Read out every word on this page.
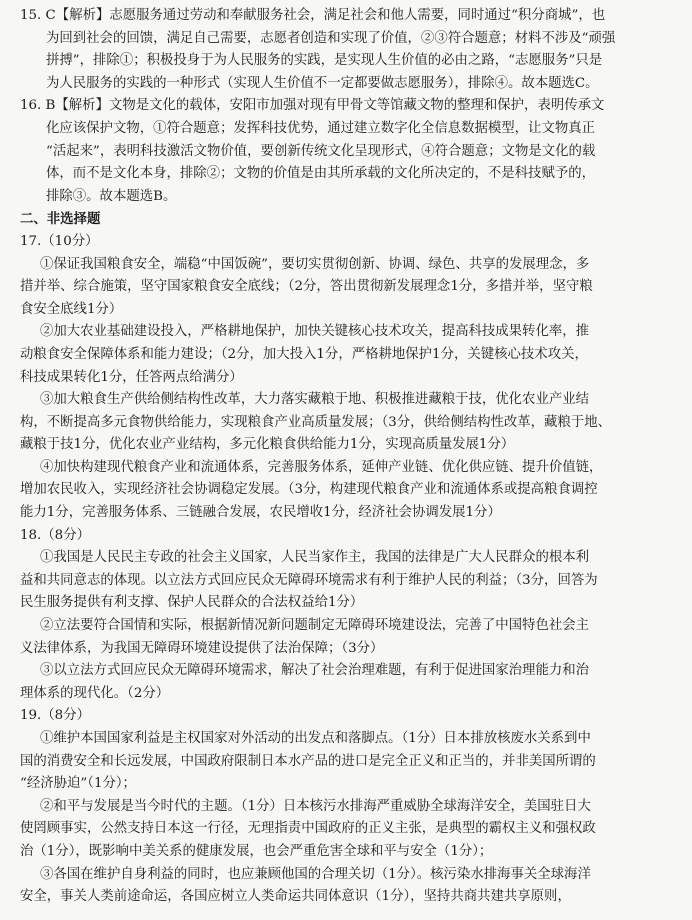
15. C【解析】志愿服务通过劳动和奉献服务社会，满足社会和他人需要，同时通过“积分商城”，也
为回到社会的回馈，满足自己需要，志愿者创造和实现了价值，②③符合题意；材料不涉及“顽强
拼搏”，排除①；积极投身于为人民服务的实践，是实现人生价值的必由之路，“志愿服务”只是
为人民服务的实践的一种形式（实现人生价值不一定都要做志愿服务），排除④。故本题选C。
16. B【解析】文物是文化的载体，安阳市加强对现有甲骨文等馆藏文物的整理和保护，表明传承文
化应该保护文物，①符合题意；发挥科技优势，通过建立数字化全信息数据模型，让文物真正
“活起来”，表明科技激活文物价值，要创新传统文化呈现形式，④符合题意；文物是文化的载
体，而不是文化本身，排除②；文物的价值是由其所承载的文化所决定的，不是科技赋予的，
排除③。故本题选B。
二、非选择题
17.（10分）
①保证我国粮食安全，端稳“中国饭碗”，要切实贯彻创新、协调、绿色、共享的发展理念，多
措并举、综合施策，坚守国家粮食安全底线；（2分，答出贯彻新发展理念1分，多措并举，坚守粮
食安全底线1分）
②加大农业基础建设投入，严格耕地保护，加快关键核心技术攻关，提高科技成果转化率，推
动粮食安全保障体系和能力建设；（2分，加大投入1分，严格耕地保护1分，关键核心技术攻关，
科技成果转化1分，任答两点给满分）
③加大粮食生产供给侧结构性改革，大力落实藏粮于地、积极推进藏粮于技，优化农业产业结
构，不断提高多元食物供给能力，实现粮食产业高质量发展；（3分，供给侧结构性改革，藏粮于地、
藏粮于技1分，优化农业产业结构，多元化粮食供给能力1分，实现高质量发展1分）
④加快构建现代粮食产业和流通体系，完善服务体系，延伸产业链、优化供应链、提升价值链，
增加农民收入，实现经济社会协调稳定发展。（3分，构建现代粮食产业和流通体系或提高粮食调控
能力1分，完善服务体系、三链融合发展，农民增收1分，经济社会协调发展1分）
18.（8分）
①我国是人民民主专政的社会主义国家，人民当家作主，我国的法律是广大人民群众的根本利
益和共同意志的体现。以立法方式回应民众无障碍环境需求有利于维护人民的利益；（3分，回答为
民生服务提供有利支撑、保护人民群众的合法权益给1分）
②立法要符合国情和实际，根据新情况新问题制定无障碍环境建设法，完善了中国特色社会主
义法律体系，为我国无障碍环境建设提供了法治保障；（3分）
③以立法方式回应民众无障碍环境需求，解决了社会治理难题，有利于促进国家治理能力和治
理体系的现代化。（2分）
19.（8分）
①维护本国国家利益是主权国家对外活动的出发点和落脚点。（1分）日本排放核废水关系到中
国的消费安全和长远发展，中国政府限制日本水产品的进口是完全正义和正当的，并非美国所谓的
“经济胁迫”（1分）；
②和平与发展是当今时代的主题。（1分）日本核污水排海严重威胁全球海洋安全，美国驻日大
使罔顾事实，公然支持日本这一行径，无理指责中国政府的正义主张，是典型的霸权主义和强权政
治（1分），既影响中美关系的健康发展，也会严重危害全球和平与安全（1分）；
③各国在维护自身利益的同时，也应兼顾他国的合理关切（1分）。核污染水排海事关全球海洋
安全，事关人类前途命运，各国应树立人类命运共同体意识（1分），坚持共商共建共享原则，
